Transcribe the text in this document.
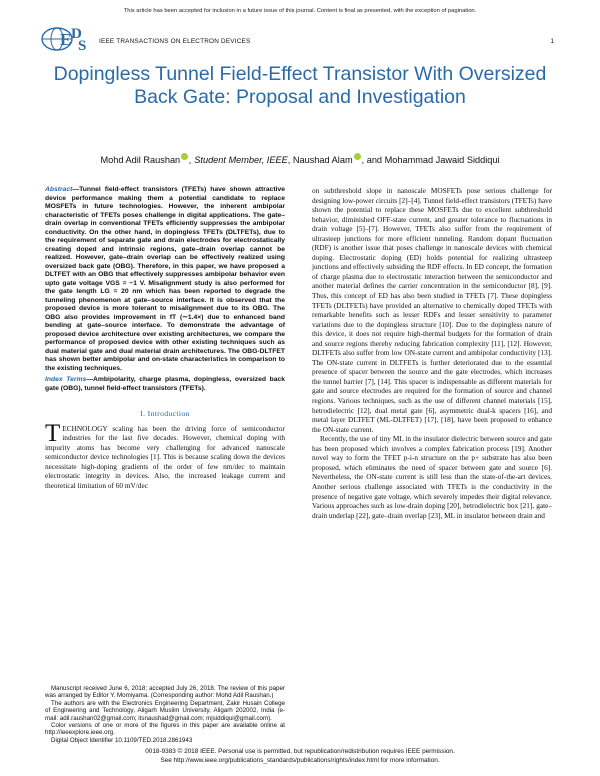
This article has been accepted for inclusion in a future issue of this journal. Content is final as presented, with the exception of pagination.
E D
S IEEE TRANSACTIONS ON ELECTRON DEVICES	1
Dopingless Tunnel Field-Effect Transistor With Oversized Back Gate: Proposal and Investigation
Mohd Adil Raushan , Student Member, IEEE, Naushad Alam , and Mohammad Jawaid Siddiqui

Abstract—Tunnel field-effect transistors (TFETs) have shown attractive device performance making them a potential candidate to replace MOSFETs in future technologies. However, the inherent ambipolar characteristic of TFETs poses challenge in digital applications. The gate–drain overlap in conventional TFETs efficiently suppresses the ambipolar conductivity. On the other hand, in dopingless TFETs (DLTFETs), due to the requirement of separate gate and drain electrodes for electrostatically creating doped and intrinsic regions, gate–drain overlap cannot be realized. However, gate–drain overlap can be effectively realized using oversized back gate (OBG). Therefore, in this paper, we have proposed a DLTFET with an OBG that effectively suppresses ambipolar behavior even upto gate voltage VGS = −1 V. Misalignment study is also performed for the gate length LG = 20 nm which has been reported to degrade the tunneling phenomenon at gate–source interface. It is observed that the proposed device is more tolerant to misalignment due to its OBG. The OBG also provides improvement in fT (∼1.4×) due to enhanced band bending at gate–source interface. To demonstrate the advantage of proposed device architecture over existing architectures, we compare the performance of proposed device with other existing techniques such as dual material gate and dual material drain architectures. The OBG-DLTFET has shown better ambipolar and on-state characteristics in comparison to the existing techniques.

Index Terms—Ambipolarity, charge plasma, dopingless, oversized back gate (OBG), tunnel field-effect transistors (TFETs).

I. Introduction

TECHNOLOGY scaling has been the driving force of semiconductor industries for the last five decades. However, chemical doping with impurity atoms has become very challenging for advanced nanoscale semiconductor device technologies [1]. This is because scaling down the devices necessitate high-doping gradients of the order of few nm/dec to maintain electrostatic integrity in devices. Also, the increased leakage current and theoretical limitation of 60 mV/dec

Manuscript received June 6, 2018; accepted July 26, 2018. The review of this paper was arranged by Editor Y. Momiyama. (Corresponding author: Mohd Adil Raushan.)

The authors are with the Electronics Engineering Department, Zakir Husain College of Engineering and Technology, Aligarh Muslim University, Aligarh 202002, India (e-mail: adil.raushan02@gmail.com; itsnaushad@gmail.com; mjsiddiqui@gmail.com).

Color versions of one or more of the figures in this paper are available online at http://ieeexplore.ieee.org.

Digital Object Identifier 10.1109/TED.2018.2861943

on subthreshold slope in nanoscale MOSFETs pose serious challenge for designing low-power circuits [2]–[4]. Tunnel field-effect transistors (TFETs) have shown the potential to replace these MOSFETs due to excellent subthreshold behavior, diminished OFF-state current, and greater tolerance to fluctuations in drain voltage [5]–[7]. However, TFETs also suffer from the requirement of ultrasteep junctions for more efficient tunneling. Random dopant fluctuation (RDF) is another issue that poses challenge in nanoscale devices with chemical doping. Electrostatic doping (ED) holds potential for realizing ultrasteep junctions and effectively subsiding the RDF effects. In ED concept, the formation of charge plasma due to electrostatic interaction between the semiconductor and another material defines the carrier concentration in the semiconductor [8], [9]. Thus, this concept of ED has also been studied in TFETs [7]. These dopingless TFETs (DLTFETs) have provided an alternative to chemically doped TFETs with remarkable benefits such as lesser RDFs and lesser sensitivity to parameter variations due to the dopingless structure [10]. Due to the dopingless nature of this device, it does not require high-thermal budgets for the formation of drain and source regions thereby reducing fabrication complexity [11], [12]. However, DLTFETs also suffer from low ON-state current and ambipolar conductivity [13]. The ON-state current in DLTFETs is further deteriorated due to the essential presence of spacer between the source and the gate electrodes, which increases the tunnel barrier [7], [14]. This spacer is indispensable as different materials for gate and source electrodes are required for the formation of source and channel regions. Various techniques, such as the use of different channel materials [15], hetrodielectric [12], dual metal gate [6], asymmetric dual-k spacers [16], and metal layer DLTFET (ML-DLTFET) [17], [18], have been proposed to enhance the ON-state current.

Recently, the use of tiny ML in the insulator dielectric between source and gate has been proposed which involves a complex fabrication process [19]. Another novel way to form the TFET p-i-n structure on the p+ substrate has also been proposed, which eliminates the need of spacer between gate and source [6]. Nevertheless, the ON-state current is still less than the state-of-the-art devices. Another serious challenge associated with TFETs is the conductivity in the presence of negative gate voltage, which severely impedes their digital relevance. Various approaches such as low-drain doping [20], hetrodielectric box [21], gate–drain underlap [22], gate–drain overlap [23], ML in insulator between drain and

0018-9383 © 2018 IEEE. Personal use is permitted, but republication/redistribution requires IEEE permission.
See http://www.ieee.org/publications_standards/publications/rights/index.html for more information.
